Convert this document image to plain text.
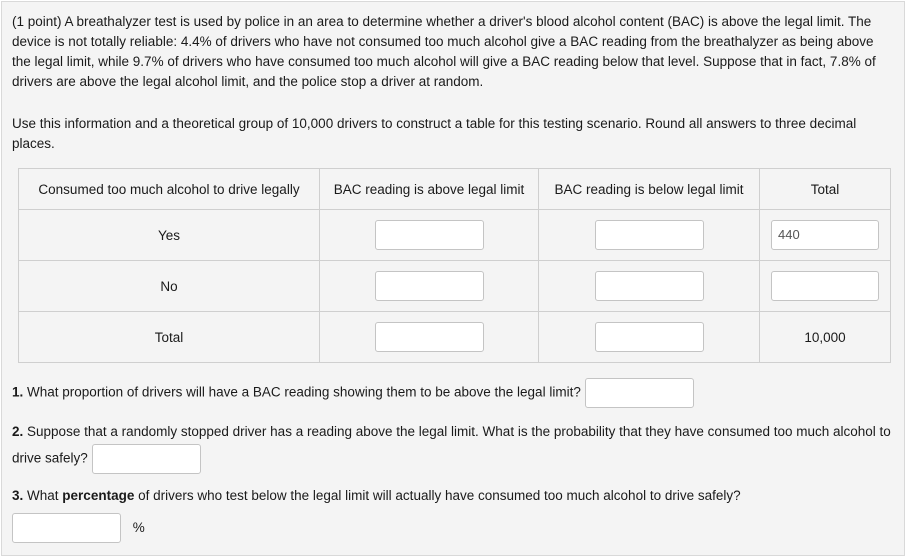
(1 point) A breathalyzer test is used by police in an area to determine whether a driver's blood alcohol content (BAC) is above the legal limit. The device is not totally reliable: 4.4% of drivers who have not consumed too much alcohol give a BAC reading from the breathalyzer as being above the legal limit, while 9.7% of drivers who have consumed too much alcohol will give a BAC reading below that level. Suppose that in fact, 7.8% of drivers are above the legal alcohol limit, and the police stop a driver at random.

Use this information and a theoretical group of 10,000 drivers to construct a table for this testing scenario. Round all answers to three decimal places.

Consumed too much alcohol to drive legally	BAC reading is above legal limit	BAC reading is below legal limit	Total
Yes			440
No			
Total			10,000

1. What proportion of drivers will have a BAC reading showing them to be above the legal limit?

2. Suppose that a randomly stopped driver has a reading above the legal limit. What is the probability that they have consumed too much alcohol to drive safely?

3. What percentage of drivers who test below the legal limit will actually have consumed too much alcohol to drive safely?
%
